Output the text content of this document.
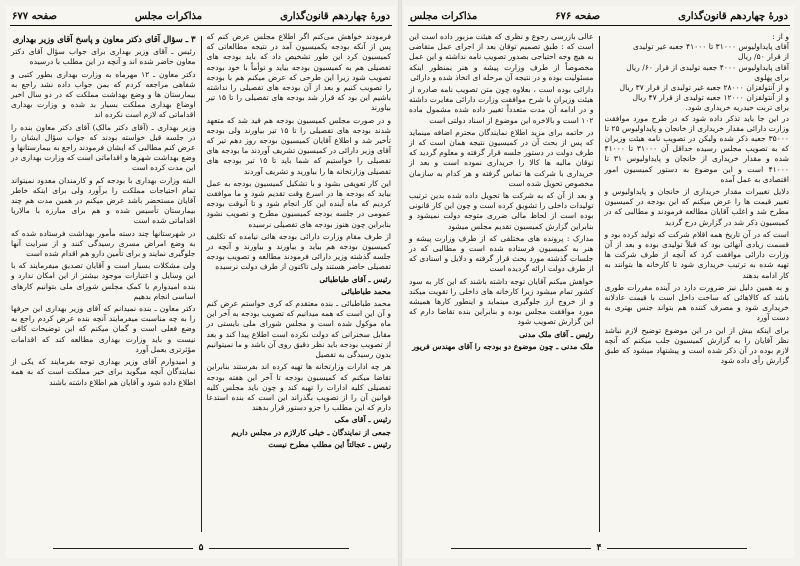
دورهٔ چهاردهم قانون‌گذاری
مذاکرات مجلس
صفحه ۶۷۷

فرمودند خواهش می‌کنم اگر اطلاع مجلس عرض کنم که پس از آنکه بودجه یکمیسیون آمد در نتیجه مطالعاتی که کمیسیون کرد این طور تشخیص داد که باید بودجه های تفصیلی هم به کمیسیون بودجه بیاید و توأماً با خود بودجه تصویب شود زیرا این طرحی که عرض میکنم هم با بودجه را تصویب کنیم و بعد از آن بودجه های تفصیلی را نداشته باشیم این بود که قرار شد بودجه های تفصیلی را تا ۱۵ تیر بیاورند

و در صورت مجلس کمیسیون بودجه هم قید شد که متعهد شدند بودجه های تفصیلی را تا ۱۵ تیر بیاورند ولی بودجه تأخیر شد و اطلاع آقایان کمیسیون بودجه روز دهم تیر که آقای وزیر دارائی در کمیسیون تشریف آوردند ما بودجه های تفصیلی را خواستیم که شما باید تا ۱۵ تیر بودجه های تفصیلی وزارتخانه ها را بیاورید و تشریف آوردند

این کار تعویقی بشود و با تشکیل کمیسیون بودجه به عمل بیاید که بودجه ها در اسرع وقت تقدیم شود و ما موافقت کردیم که ماه آینده این کار انجام شود و تا آنوقت بودجه عمومی در جلسه بودجه کمیسیون مطرح و تصویب نشود بنابراین چون هنوز بودجه های تفصیلی نرسیده

از طرف مقام وزارت دارائی بودجه هائی نیامده که تکلیف کمیسیون بودجه هم بیاید و بیاورند و بیاورند و آنچه در جلسه گذشته وزیر دارائی فرمودند مطالعه و تصویب بودجه تفصیلی حاضر هستند ولی تاکنون از طرف دولت نرسیده

رئیس ـ آقای طباطبائی

محمد طباطبائی

محمد طباطبائی ـ بنده معتقدم که کری خواستم عرض کنم و آن این است که همه میدانیم که تصویب بودجه به آخر این ماه موکول شده است و مجلس شورای ملی بایستی در مقابل سخنرانی که دولت نکرده است اطلاع پیدا کند و بعد از تصویب بودجه باید نظر دقیق روی آن باشد و ما نمیتوانیم بدون رسیدگی به تفصیل

هر چه ادارات وزارتخانه ها تهیه کرده اند بفرستند بنابراین تقاضا میکنم که کمیسیون بودجه تا آخر این هفته بودجه تفصیلی کلیه ادارات را تهیه کند و چون باید مجلس کلیه قوانین آن را از تصویب بگذراند این است که بنده استدعا دارم که این مطلب را جزو دستور قرار بدهند

رئیس ـ آقای مکی

جمعی از نمایندگان ـ خیلی کارلازم در مجلس داریم

رئیس ـ عجالتاً این مطلب مطرح نیست

۳ ـ سؤال آقای دکتر معاون و پاسخ آقای وزیر بهداری

رئیس ـ آقای وزیر بهداری برای جواب سؤال آقای دکتر معاون حاضر شده اند و آنچه در این مطلب با درسیده

دکتر معاون ـ ۱۲ مهرماه به وزارت بهداری بطور کتبی و شفاهی مراجعه کردم که بمن جواب داده نشد راجع به بیمارستان ها و وضع بهداشت مملکت که در دو سال اخیر اوضاع بهداری مملکت بسیار بد شده و وزارت بهداری اقداماتی که لازم است نکرده اند

وزیر بهداری ـ (آقای دکتر مالک) آقای دکتر معاون بنده را در جلسه قبل خواسته بودند که جواب سؤال ایشان را عرض کنم مطالبی که ایشان فرمودند راجع به بیمارستانها و وضع بهداشت شهرها و اقداماتی است که وزارت بهداری در این مدت کرده است

البته وزارت بهداری با بودجه کم و کارمندان معدود نمیتواند تمام احتیاجات مملکت را برآورد ولی برای اینکه خاطر آقایان مستحضر باشد عرض میکنم در همین مدت هم چند بیمارستان تأسیس شده و هم برای مبارزه با مالاریا اقداماتی شده است

در شهرستانها چند دسته مأمور بهداشت فرستاده شده که به وضع امراض مسری رسیدگی کنند و از سرایت آنها جلوگیری نمایند و برای تأمین دارو هم اقدام شده است

ولی مشکلات بسیار است و آقایان تصدیق میفرمایند که با این وسایل و اعتبارات موجود بیشتر از این امکان ندارد و بنده امیدوارم با کمک مجلس شورای ملی بتوانیم کارهای اساسی انجام بدهیم

دکتر معاون ـ بنده نمیدانم که آقای وزیر بهداری این حرفها را به چه مناسبت میفرمایند آنچه بنده عرض کردم راجع به وضع فعلی است و گمان میکنم که این توضیحات کافی نیست و باید وزارت بهداری مطالعه کند که اقدامات مؤثرتری بعمل آورد

و امیدوارم آقای وزیر بهداری توجه بفرمایند که یکی از نمایندگان آنچه میگوید برای خیر مملکت است که به همه اطلاع داده شود و آقایان هم اطلاع داشته باشند

۵
دورهٔ چهاردهم قانون‌گذاری
صفحه ۶۷۶
مذاکرات مجلس
و از :
آقای پایداولیوس ۳۱۰۰۰ تا ۴۱۰۰۰ جعبه غیر تولیدی
از قرار ۵۰/ ریال
آقای پایداولیوس ۴۰۰۰ جعبه تولیدی از قرار ۶۰/ ریال
برای پهلوی
و از آنتولفزان ۲۸۰۰۰ جعبه غیر تولیدی از قرار ۳۷ ریال
و از آنتولفزان ۱۲۰۰۰ جعبه تولیدی از قرار ۴۷ ریال
برای تربت حیدریه خریداری شود.

در این جا باید تذکر داده شود که در طرح مورد موافقت وزارت دارائی مقدار خریداری از خانجان و پایداولیوس ۲۵ تا ۳۵۰۰۰ جعبه ذکر شده ولیکن در تصویب نامه هیئت وزیران که به تصویب مجلس رسیده حداقل آن ۳۱۰۰۰ تا ۴۱۰۰۰ شده و مقدار خریداری از خانجان و پایداولیوس ۳۱ تا ۴۱۰۰۰ است و این موضوع به دستور کمیسیون امور اقتصادی به عمل آمده

دلایل تغییرات مقدار خریداری از خانجان و پایداولیوس و تغییر قیمت ها را عرض میکنم که این بودجه در کمیسیون مطرح شد و اغلب آقایان مطالعه فرمودند و مطالبی که در کمیسیون ذکر شد در گزارش درج گردید

است که در آن تاریخ همه اقلام شرکت که تولید کرده بود و قسمت زیادی آنهائی بود که قبلاً تولیدی بوده و بعد از آن وزارت دارائی موافقت کرد که آنچه از طرف شرکت ها تهیه شده به ترتیب خریداری شود تا کارخانه ها بتوانند به کار ادامه بدهند

و به همین دلیل نیز ضرورت دارد در آینده مقررات طوری باشد که کالاهائی که ساخت داخل است با قیمت عادلانه خریداری شود و مصرف کننده هم بتواند جنس بهتری به دست آورد

برای اینکه بیش از این در این موضوع توضیح لازم نباشد نظر آقایان را به گزارش کمیسیون جلب میکنم که آنچه لازم بوده در آن ذکر شده است و پیشنهاد میشود که طبق گزارش رأی داده شود

عالی بازرسی رجوع و نظری که هیئت مزبور داده است این است که : طبق تصمیم توقان بعد از اجرای عمل متقاضی به هیچ وجه احتیاجی بصدور تصویب نامه نداشته و این عمل مخصوصاً از طرف وزارت پیشه و هنر بمنظور اینکه مسئولیت بوده و در نتیجه آن مرحله ای اتخاذ شده و دارائی

دارائی بوده است ، بعلاوه چون متن تصویب نامه صادره از هیئت وزیران با شرح موافقت وزارت دارائی مغایرت داشته و در ادامه آن مدت متعدداً تغییر داده شده مشمول ماده ۱۰۲ است و بالاخره این موضوع از اسناد دولتی است

در خاتمه برای مزید اطلاع نمایندگان محترم اضافه مینماید که پس از بحث آن در کمیسیون نتیجه همان است که از طرف دولت در دستور جلسه قرار گرفته و معلوم گردید که توقان مالیه ها کالا را خریداری نموده است و بعد از خریداری با شرکت ها تماس گرفته و هر کدام به سازمان مخصوص تحویل شده است

و بعد از آن که به شرکت ها تحویل داده شده بدین ترتیب تولیدات داخلی را تشویق کرده است و چون این کار قانونی بوده است از لحاظ مالی ضرری متوجه دولت نمیشود و بنابراین گزارش کمیسیون تقدیم مجلس میشود

مدارک : پرونده های مختلفی که از طرف وزارت پیشه و هنر به کمیسیون فرستاده شده است و مطالبی که در جلسات گذشته مورد بحث قرار گرفته و دلایل و اسنادی که از طرف دولت ارائه گردیده است

خواهش میکنم آقایان توجه داشته باشند که این کار به سود کشور تمام میشود زیرا کارخانه های داخلی را تقویت میکند و از خروج ارز جلوگیری مینماید و اینطور کارها همیشه مورد موافقت مجلس بوده و بنابراین بنده تقاضا دارم که این گزارش تصویب شود

رئیس ـ آقای ملک مدنی

ملک مدنی ـ چون موضوع دو بودجه را آقای مهندس فریور

۴
